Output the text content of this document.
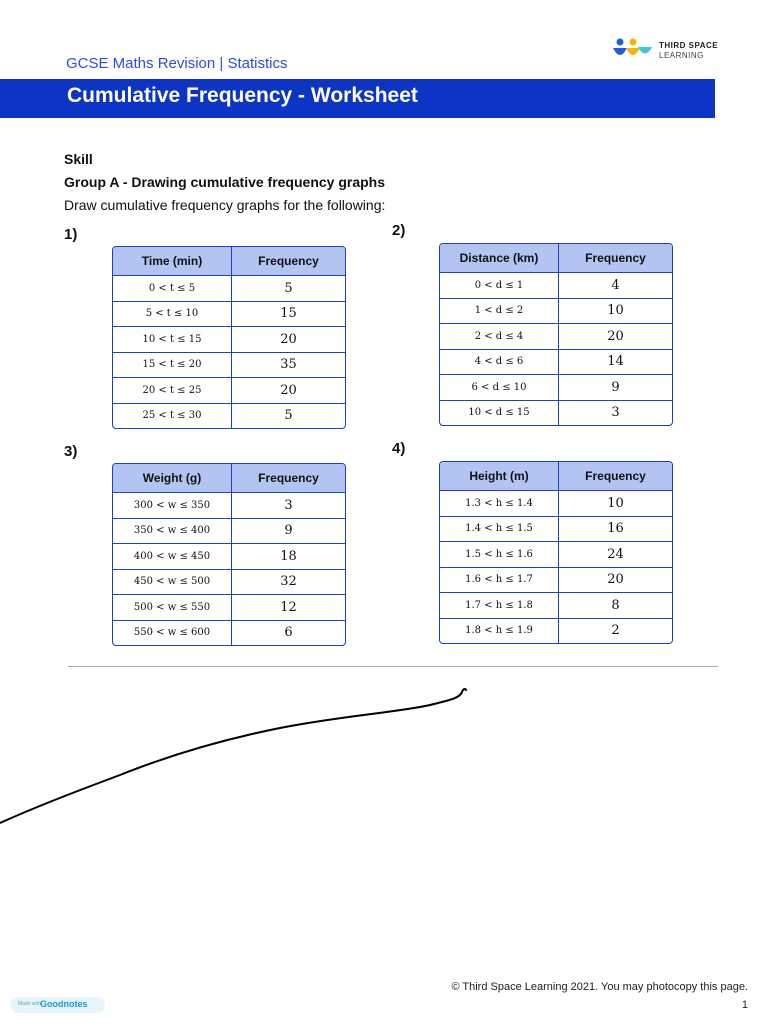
GCSE Maths Revision | Statistics
THIRD SPACE
LEARNING
Cumulative Frequency - Worksheet
Skill
Group A - Drawing cumulative frequency graphs
Draw cumulative frequency graphs for the following:
1)
Time (min)	Frequency
0 < t ≤ 5	5
5 < t ≤ 10	15
10 < t ≤ 15	20
15 < t ≤ 20	35
20 < t ≤ 25	20
25 < t ≤ 30	5
2)
Distance (km)	Frequency
0 < d ≤ 1	4
1 < d ≤ 2	10
2 < d ≤ 4	20
4 < d ≤ 6	14
6 < d ≤ 10	9
10 < d ≤ 15	3
3)
Weight (g)	Frequency
300 < w ≤ 350	3
350 < w ≤ 400	9
400 < w ≤ 450	18
450 < w ≤ 500	32
500 < w ≤ 550	12
550 < w ≤ 600	6
4)
Height (m)	Frequency
1.3 < h ≤ 1.4	10
1.4 < h ≤ 1.5	16
1.5 < h ≤ 1.6	24
1.6 < h ≤ 1.7	20
1.7 < h ≤ 1.8	8
1.8 < h ≤ 1.9	2
© Third Space Learning 2021. You may photocopy this page.
1
Made with Goodnotes
